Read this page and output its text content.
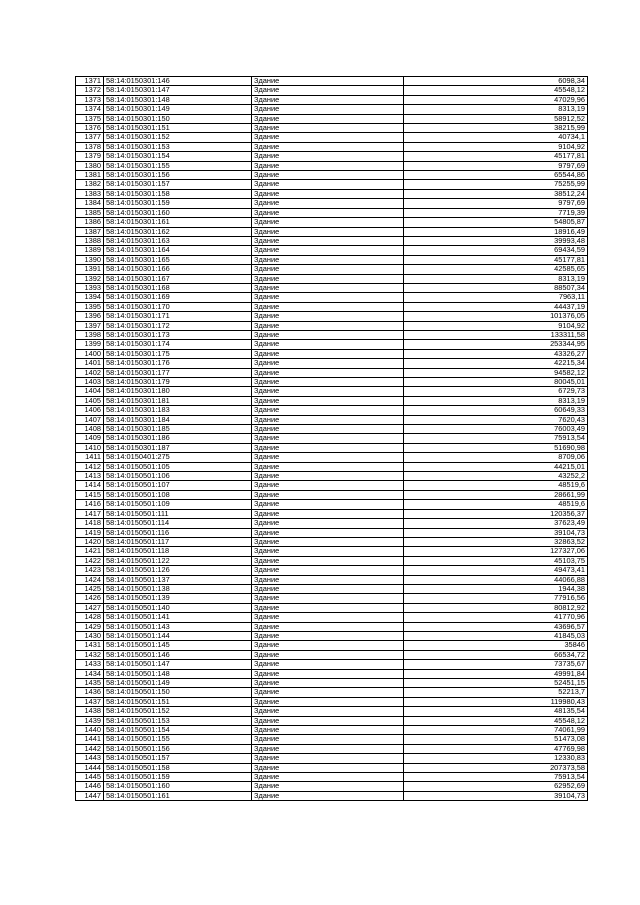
1371	58:14:0150301:146	Здание	6098,34
1372	58:14:0150301:147	Здание	45548,12
1373	58:14:0150301:148	Здание	47029,96
1374	58:14:0150301:149	Здание	8313,19
1375	58:14:0150301:150	Здание	58912,52
1376	58:14:0150301:151	Здание	38215,99
1377	58:14:0150301:152	Здание	40734,1
1378	58:14:0150301:153	Здание	9104,92
1379	58:14:0150301:154	Здание	45177,81
1380	58:14:0150301:155	Здание	9797,69
1381	58:14:0150301:156	Здание	65544,86
1382	58:14:0150301:157	Здание	75255,99
1383	58:14:0150301:158	Здание	38512,24
1384	58:14:0150301:159	Здание	9797,69
1385	58:14:0150301:160	Здание	7719,39
1386	58:14:0150301:161	Здание	54805,87
1387	58:14:0150301:162	Здание	18916,49
1388	58:14:0150301:163	Здание	39993,48
1389	58:14:0150301:164	Здание	69434,59
1390	58:14:0150301:165	Здание	45177,81
1391	58:14:0150301:166	Здание	42585,65
1392	58:14:0150301:167	Здание	8313,19
1393	58:14:0150301:168	Здание	88507,34
1394	58:14:0150301:169	Здание	7963,11
1395	58:14:0150301:170	Здание	44437,19
1396	58:14:0150301:171	Здание	101376,05
1397	58:14:0150301:172	Здание	9104,92
1398	58:14:0150301:173	Здание	133311,58
1399	58:14:0150301:174	Здание	253344,95
1400	58:14:0150301:175	Здание	43326,27
1401	58:14:0150301:176	Здание	42215,34
1402	58:14:0150301:177	Здание	94582,12
1403	58:14:0150301:179	Здание	80045,01
1404	58:14:0150301:180	Здание	6729,73
1405	58:14:0150301:181	Здание	8313,19
1406	58:14:0150301:183	Здание	60649,33
1407	58:14:0150301:184	Здание	7620,43
1408	58:14:0150301:185	Здание	76003,49
1409	58:14:0150301:186	Здание	75913,54
1410	58:14:0150301:187	Здание	51690,98
1411	58:14:0150401:275	Здание	8709,06
1412	58:14:0150501:105	Здание	44215,01
1413	58:14:0150501:106	Здание	43252,2
1414	58:14:0150501:107	Здание	48519,6
1415	58:14:0150501:108	Здание	28661,99
1416	58:14:0150501:109	Здание	48519,6
1417	58:14:0150501:111	Здание	120356,37
1418	58:14:0150501:114	Здание	37623,49
1419	58:14:0150501:116	Здание	39104,73
1420	58:14:0150501:117	Здание	32863,52
1421	58:14:0150501:118	Здание	127327,06
1422	58:14:0150501:122	Здание	45103,75
1423	58:14:0150501:126	Здание	49473,41
1424	58:14:0150501:137	Здание	44066,88
1425	58:14:0150501:138	Здание	1944,38
1426	58:14:0150501:139	Здание	77916,56
1427	58:14:0150501:140	Здание	80812,92
1428	58:14:0150501:141	Здание	41770,96
1429	58:14:0150501:143	Здание	43696,57
1430	58:14:0150501:144	Здание	41845,03
1431	58:14:0150501:145	Здание	35846
1432	58:14:0150501:146	Здание	66534,72
1433	58:14:0150501:147	Здание	73735,67
1434	58:14:0150501:148	Здание	49991,84
1435	58:14:0150501:149	Здание	52451,15
1436	58:14:0150501:150	Здание	52213,7
1437	58:14:0150501:151	Здание	119980,43
1438	58:14:0150501:152	Здание	48135,54
1439	58:14:0150501:153	Здание	45548,12
1440	58:14:0150501:154	Здание	74061,99
1441	58:14:0150501:155	Здание	51473,08
1442	58:14:0150501:156	Здание	47769,98
1443	58:14:0150501:157	Здание	12330,83
1444	58:14:0150501:158	Здание	207373,58
1445	58:14:0150501:159	Здание	75913,54
1446	58:14:0150501:160	Здание	62952,69
1447	58:14:0150501:161	Здание	39104,73
